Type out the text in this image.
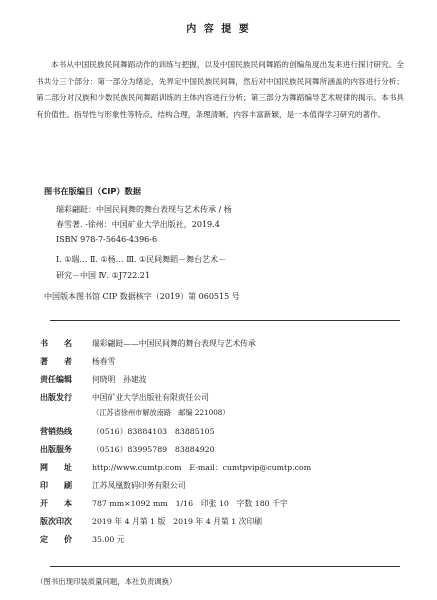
内 容 提 要
本书从中国民族民间舞蹈动作的训练与把握，以及中国民族民间舞蹈的创编角度出发来进行探讨研究。全书共分三个部分：第一部分为绪论，先界定中国民族民间舞，然后对中国民族民间舞所涵盖的内容进行分析；第二部分对汉族和少数民族民间舞蹈训练的主体内容进行分析；第三部分为舞蹈编导艺术规律的揭示。本书具有价值性、指导性与形象性等特点，结构合理，条理清晰，内容丰富新颖，是一本值得学习研究的著作。
图书在版编目（CIP）数据
瑞彩翩跹：中国民间舞的舞台表现与艺术传承 / 杨
春雪著. -徐州：中国矿业大学出版社，2019.4
ISBN 978-7-5646-4396-6
Ⅰ. ①瑞… Ⅱ. ①杨… Ⅲ. ①民间舞蹈－舞台艺术－
研究－中国 Ⅳ. ①J722.21
中国版本图书馆 CIP 数据核字（2019）第 060515 号
书　　名	瑞彩翩跹——中国民间舞的舞台表现与艺术传承
著　　者	杨春雪
责任编辑	何晓明　孙建波
出版发行	中国矿业大学出版社有限责任公司
（江苏省徐州市解放南路　邮编 221008）
营销热线	（0516）83884103　83885105
出版服务	（0516）83995789　83884920
网　　址	http://www.cumtp.com　E-mail：cumtpvip@cumtp.com
印　　刷	江苏凤凰数码印务有限公司
开　　本	787 mm×1092 mm　1/16　印张 10　字数 180 千字
版次印次	2019 年 4 月第 1 版　2019 年 4 月第 1 次印刷
定　　价	35.00 元
（图书出现印装质量问题，本社负责调换）
